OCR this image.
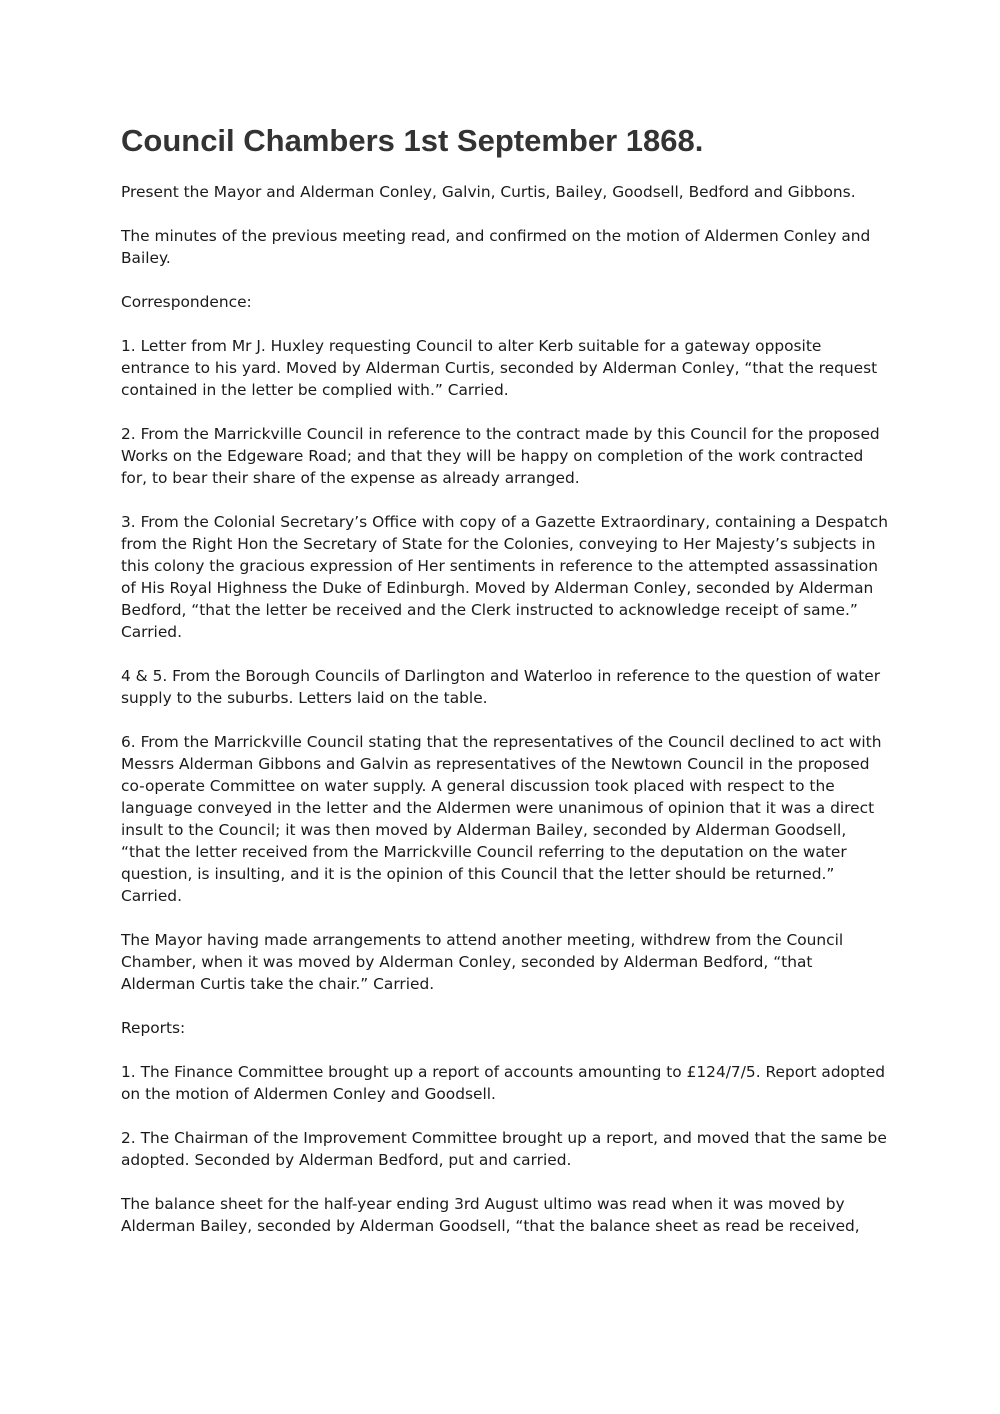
Council Chambers 1st September 1868.

Present the Mayor and Alderman Conley, Galvin, Curtis, Bailey, Goodsell, Bedford and Gibbons.

The minutes of the previous meeting read, and confirmed on the motion of Aldermen Conley and Bailey.

Correspondence:

1. Letter from Mr J. Huxley requesting Council to alter Kerb suitable for a gateway opposite entrance to his yard. Moved by Alderman Curtis, seconded by Alderman Conley, “that the request contained in the letter be complied with.” Carried.

2. From the Marrickville Council in reference to the contract made by this Council for the proposed Works on the Edgeware Road; and that they will be happy on completion of the work contracted for, to bear their share of the expense as already arranged.

3. From the Colonial Secretary’s Office with copy of a Gazette Extraordinary, containing a Despatch from the Right Hon the Secretary of State for the Colonies, conveying to Her Majesty’s subjects in this colony the gracious expression of Her sentiments in reference to the attempted assassination of His Royal Highness the Duke of Edinburgh. Moved by Alderman Conley, seconded by Alderman Bedford, “that the letter be received and the Clerk instructed to acknowledge receipt of same.” Carried.

4 & 5. From the Borough Councils of Darlington and Waterloo in reference to the question of water supply to the suburbs. Letters laid on the table.

6. From the Marrickville Council stating that the representatives of the Council declined to act with Messrs Alderman Gibbons and Galvin as representatives of the Newtown Council in the proposed co-operate Committee on water supply. A general discussion took placed with respect to the language conveyed in the letter and the Aldermen were unanimous of opinion that it was a direct insult to the Council; it was then moved by Alderman Bailey, seconded by Alderman Goodsell, “that the letter received from the Marrickville Council referring to the deputation on the water question, is insulting, and it is the opinion of this Council that the letter should be returned.” Carried.

The Mayor having made arrangements to attend another meeting, withdrew from the Council Chamber, when it was moved by Alderman Conley, seconded by Alderman Bedford, “that Alderman Curtis take the chair.” Carried.

Reports:

1. The Finance Committee brought up a report of accounts amounting to £124/7/5. Report adopted on the motion of Aldermen Conley and Goodsell.

2. The Chairman of the Improvement Committee brought up a report, and moved that the same be adopted. Seconded by Alderman Bedford, put and carried.

The balance sheet for the half-year ending 3rd August ultimo was read when it was moved by Alderman Bailey, seconded by Alderman Goodsell, “that the balance sheet as read be received,
